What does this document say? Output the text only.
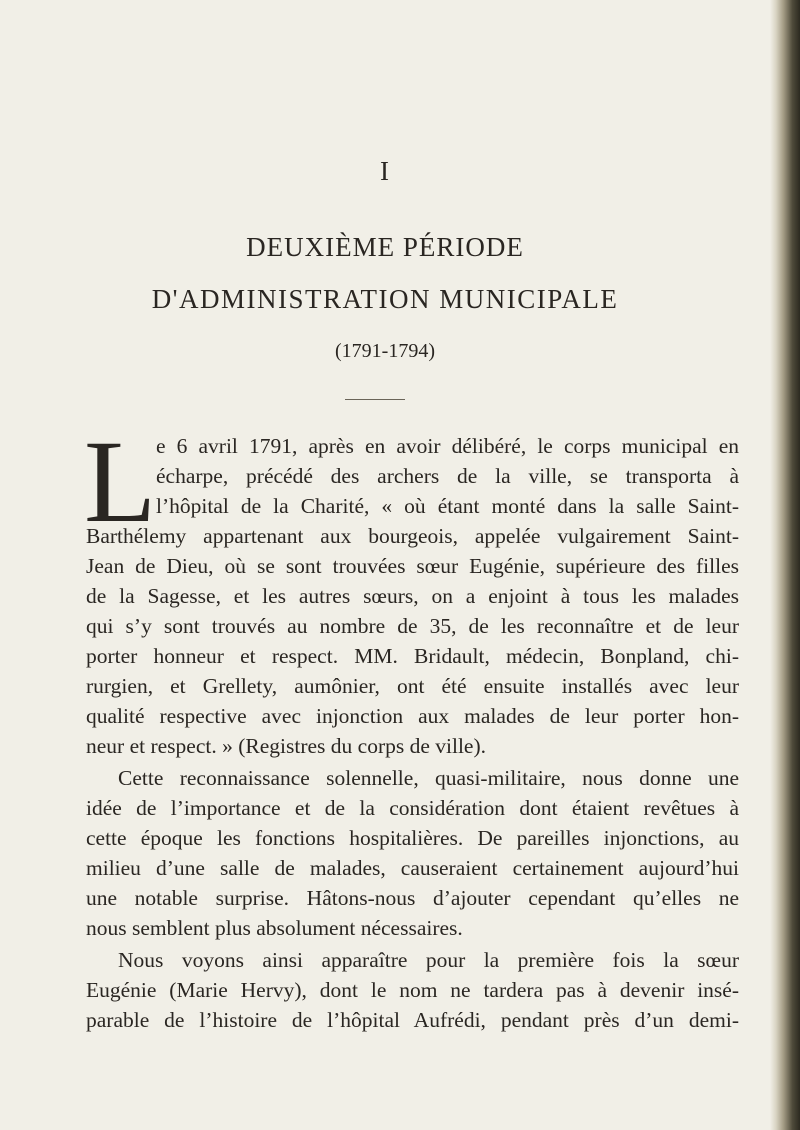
I
DEUXIÈME PÉRIODE
D'ADMINISTRATION MUNICIPALE
(1791-1794)
L e 6 avril 1791, après en avoir délibéré, le corps municipal en
écharpe, précédé des archers de la ville, se transporta à
l’hôpital de la Charité, « où étant monté dans la salle Saint-
Barthélemy appartenant aux bourgeois, appelée vulgairement Saint-
Jean de Dieu, où se sont trouvées sœur Eugénie, supérieure des filles
de la Sagesse, et les autres sœurs, on a enjoint à tous les malades
qui s’y sont trouvés au nombre de 35, de les reconnaître et de leur
porter honneur et respect. MM. Bridault, médecin, Bonpland, chi-
rurgien, et Grellety, aumônier, ont été ensuite installés avec leur
qualité respective avec injonction aux malades de leur porter hon-
neur et respect. » (Registres du corps de ville).
Cette reconnaissance solennelle, quasi-militaire, nous donne une
idée de l’importance et de la considération dont étaient revêtues à
cette époque les fonctions hospitalières. De pareilles injonctions, au
milieu d’une salle de malades, causeraient certainement aujourd’hui
une notable surprise. Hâtons-nous d’ajouter cependant qu’elles ne
nous semblent plus absolument nécessaires.
Nous voyons ainsi apparaître pour la première fois la sœur
Eugénie (Marie Hervy), dont le nom ne tardera pas à devenir insé-
parable de l’histoire de l’hôpital Aufrédi, pendant près d’un demi-
